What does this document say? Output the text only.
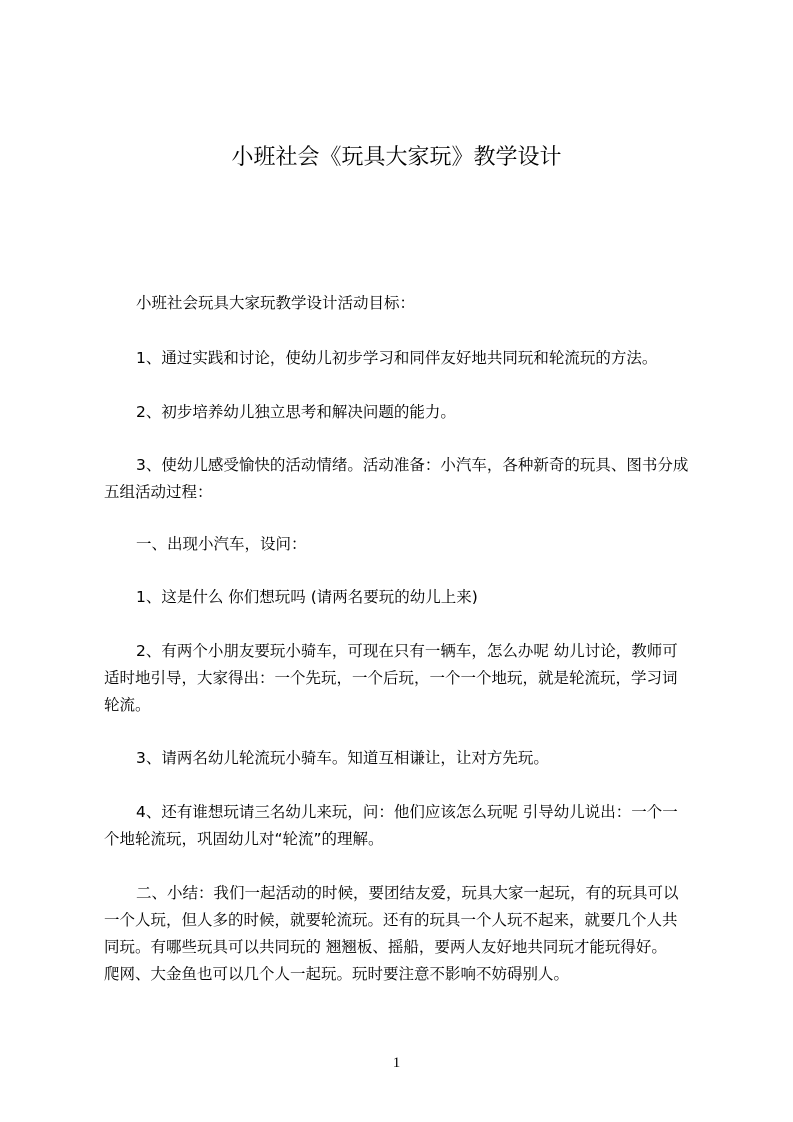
小班社会《玩具大家玩》教学设计
小班社会玩具大家玩教学设计活动目标：
1、通过实践和讨论，使幼儿初步学习和同伴友好地共同玩和轮流玩的方法。
2、初步培养幼儿独立思考和解决问题的能力。
3、使幼儿感受愉快的活动情绪。活动准备：小汽车，各种新奇的玩具、图书分成
五组活动过程：
一、出现小汽车，设问：
1、这是什么 你们想玩吗 (请两名要玩的幼儿上来)
2、有两个小朋友要玩小骑车，可现在只有一辆车，怎么办呢 幼儿讨论，教师可
适时地引导，大家得出：一个先玩，一个后玩，一个一个地玩，就是轮流玩，学习词
轮流。
3、请两名幼儿轮流玩小骑车。知道互相谦让，让对方先玩。
4、还有谁想玩请三名幼儿来玩，问：他们应该怎么玩呢 引导幼儿说出：一个一
个地轮流玩，巩固幼儿对“轮流”的理解。
二、小结：我们一起活动的时候，要团结友爱，玩具大家一起玩，有的玩具可以
一个人玩，但人多的时候，就要轮流玩。还有的玩具一个人玩不起来，就要几个人共
同玩。有哪些玩具可以共同玩的 翘翘板、摇船，要两人友好地共同玩才能玩得好。
爬网、大金鱼也可以几个人一起玩。玩时要注意不影响不妨碍别人。
1
